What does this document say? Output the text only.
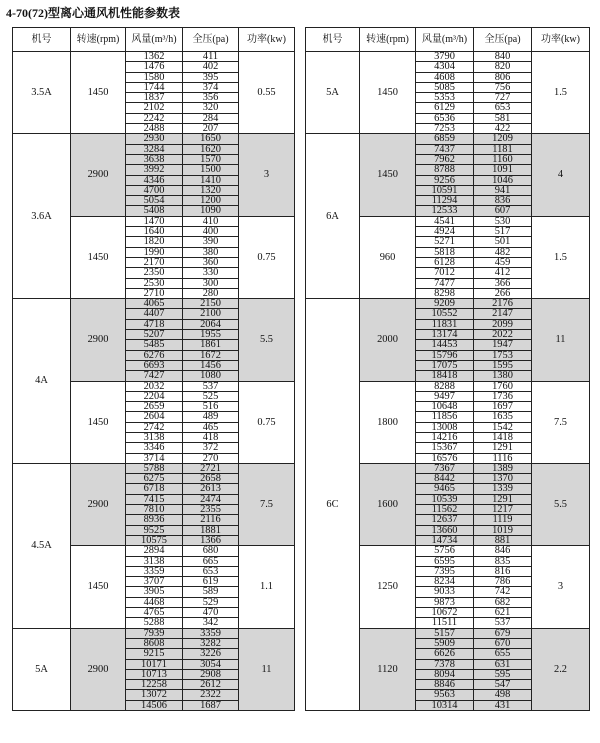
4-70(72)型离心通风机性能参数表
机号	转速(rpm)	风量(m³/h)	全压(pa)	功率(kw)
3.5A	1450	1362	411	0.55
		1476	402	
		1580	395	
		1744	374	
		1837	356	
		2102	320	
		2242	284	
		2488	207	
3.6A	2900	2930	1650	3
		3284	1620	
		3638	1570	
		3992	1500	
		4346	1410	
		4700	1320	
		5054	1200	
		5408	1090	
	1450	1470	410	0.75
		1640	400	
		1820	390	
		1990	380	
		2170	360	
		2350	330	
		2530	300	
		2710	280	
4A	2900	4065	2150	5.5
		4407	2100	
		4718	2064	
		5207	1955	
		5485	1861	
		6276	1672	
		6693	1456	
		7427	1080	
	1450	2032	537	0.75
		2204	525	
		2659	516	
		2604	489	
		2742	465	
		3138	418	
		3346	372	
		3714	270	
4.5A	2900	5788	2721	7.5
		6275	2658	
		6718	2613	
		7415	2474	
		7810	2355	
		8936	2116	
		9525	1881	
		10575	1366	
	1450	2894	680	1.1
		3138	665	
		3359	653	
		3707	619	
		3905	589	
		4468	529	
		4765	470	
		5288	342	
5A	2900	7939	3359	11
		8608	3282	
		9215	3226	
		10171	3054	
		10713	2908	
		12258	2612	
		13072	2322	
		14506	1687	
机号	转速(rpm)	风量(m³/h)	全压(pa)	功率(kw)
5A	1450	3790	840	1.5
		4304	820	
		4608	806	
		5085	756	
		5353	727	
		6129	653	
		6536	581	
		7253	422	
6A	1450	6859	1209	4
		7437	1181	
		7962	1160	
		8788	1091	
		9256	1046	
		10591	941	
		11294	836	
		12533	607	
	960	4541	530	1.5
		4924	517	
		5271	501	
		5818	482	
		6128	459	
		7012	412	
		7477	366	
		8298	266	
6C	2000	9209	2176	11
		10552	2147	
		11831	2099	
		13174	2022	
		14453	1947	
		15796	1753	
		17075	1595	
		18418	1380	
	1800	8288	1760	7.5
		9497	1736	
		10648	1697	
		11856	1635	
		13008	1542	
		14216	1418	
		15367	1291	
		16576	1116	
	1600	7367	1389	5.5
		8442	1370	
		9465	1339	
		10539	1291	
		11562	1217	
		12637	1119	
		13660	1019	
		14734	881	
	1250	5756	846	3
		6595	835	
		7395	816	
		8234	786	
		9033	742	
		9873	682	
		10672	621	
		11511	537	
	1120	5157	679	2.2
		5909	670	
		6626	655	
		7378	631	
		8094	595	
		8846	547	
		9563	498	
		10314	431	
